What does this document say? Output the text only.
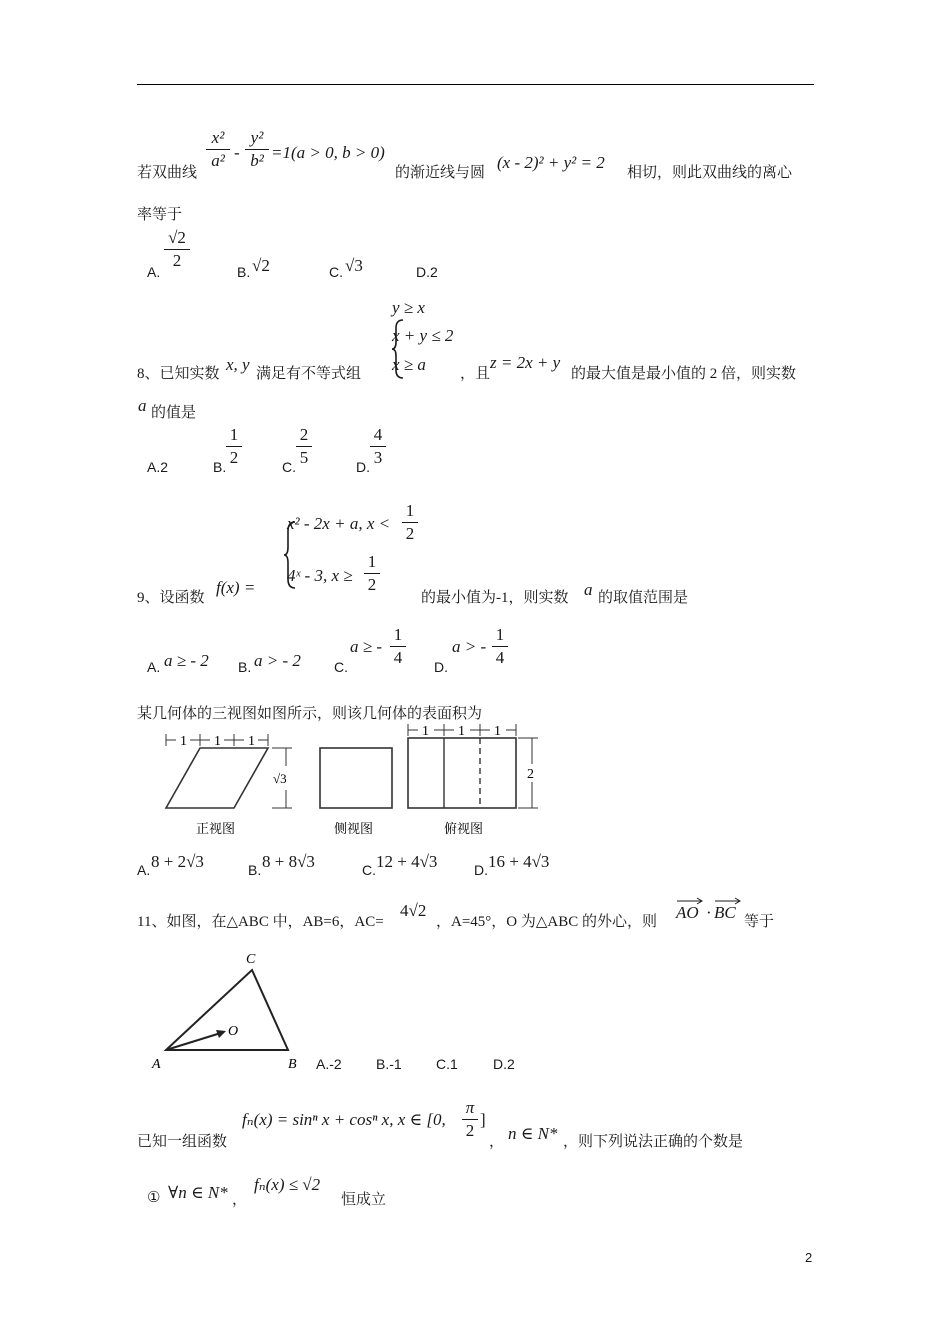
若双曲线
x²
a² -
y²
b² =1(a > 0, b > 0)
的渐近线与圆
(x - 2)² + y² = 2
相切，则此双曲线的离心
率等于
A.
√2
2
B. √2	C. √3	D.2
8、已知实数 x, y 满足有不等式组
y ≥ x
x + y ≤ 2
x ≥ a ，且
z = 2x + y
的最大值是最小值的 2 倍，则实数
a 的值是
A.2	B.
1
2	C.
2
5	D.
4
3
9、设函数
f(x) =
x² - 2x + a, x <
1
2
4ˣ - 3, x ≥
1
2
的最小值为-1，则实数 a 的取值范围是
A. a ≥ - 2 B. a > - 2 C.
a ≥ -
1
4 D.
a > -
1
4
某几何体的三视图如图所示，则该几何体的表面积为
1 1 1
√3
1 1 1
2
正视图	侧视图	俯视图
A. 8 + 2√3	B. 8 + 8√3	C. 12 + 4√3	D. 16 + 4√3
11、如图，在△ABC 中，AB=6，AC=
4√2
，A=45°，O 为△ABC 的外心，则 AO · BC 等于
C
O
A	B A.-2 B.-1 C.1	D.2
已知一组函数
fₙ(x) = sinⁿ x + cosⁿ x, x ∈ [0,
π
2
]
， n ∈ N* ，则下列说法正确的个数是
① ∀n ∈ N* ，
fₙ(x) ≤ √2
恒成立
2
